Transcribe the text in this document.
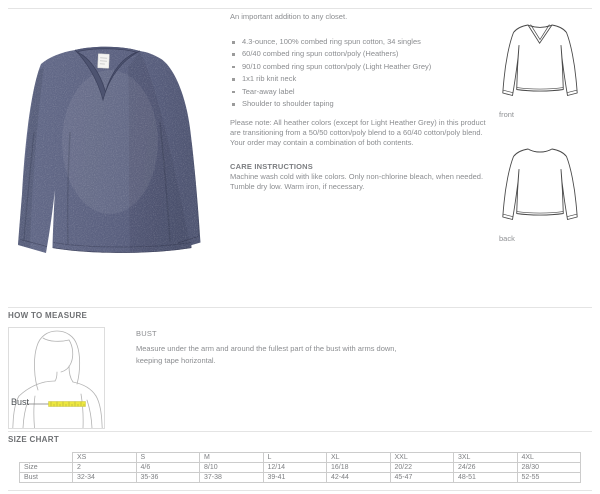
An important addition to any closet.

4.3-ounce, 100% combed ring spun cotton, 34 singles
60/40 combed ring spun cotton/poly (Heathers)
90/10 combed ring spun cotton/poly (Light Heather Grey)
1x1 rib knit neck
Tear-away label
Shoulder to shoulder taping

Please note: All heather colors (except for Light Heather Grey) in this product are transitioning from a 50/50 cotton/poly blend to a 60/40 cotton/poly blend. Your order may contain a combination of both contents.

CARE INSTRUCTIONS

Machine wash cold with like colors. Only non-chlorine bleach, when needed. Tumble dry low. Warm iron, if necessary.

front
back
HOW TO MEASURE
Bust
BUST

Measure under the arm and around the fullest part of the bust with arms down, keeping tape horizontal.

SIZE CHART
	XS	S	M	L	XL	XXL	3XL	4XL
Size	2	4/6	8/10	12/14	16/18	20/22	24/26	28/30
Bust	32-34	35-36	37-38	39-41	42-44	45-47	48-51	52-55
